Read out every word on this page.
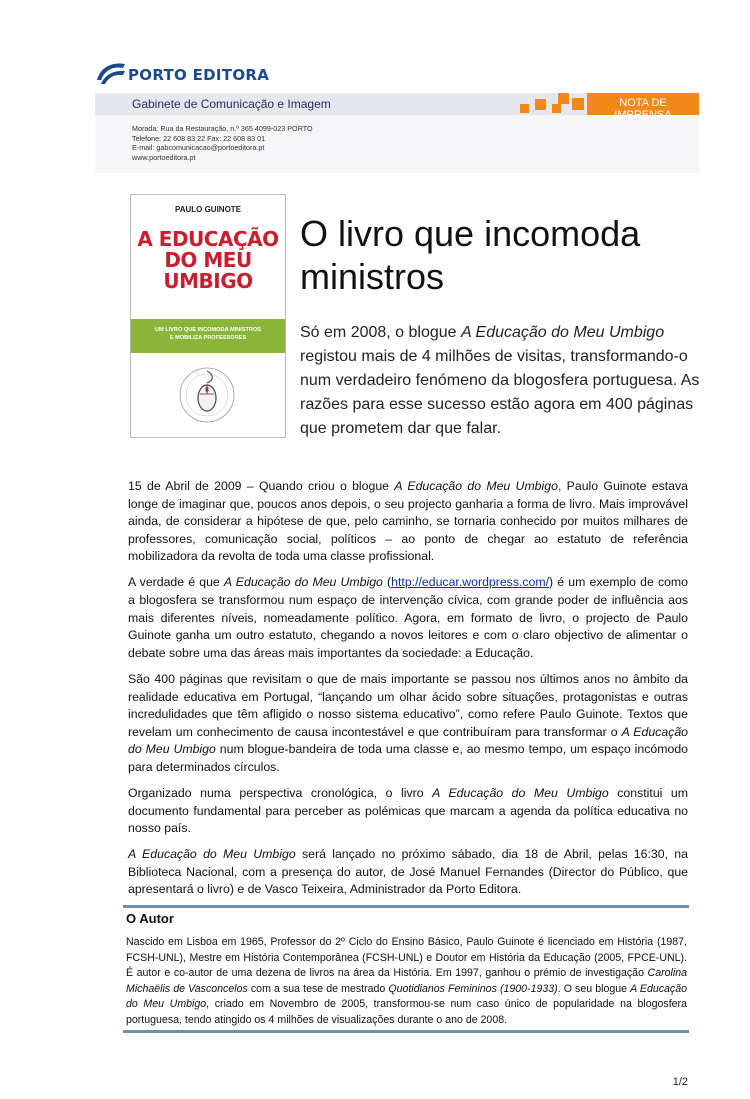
PORTO EDITORA
Gabinete de Comunicação e Imagem	NOTA DE IMPRENSA
Morada: Rua da Restauração, n.º 365 4099-023 PORTO
Telefone: 22 608 83 22 Fax: 22 608 83 01
E-mail: gabcomunicacao@portoeditora.pt
www.portoeditora.pt
PAULO GUINOTE
A EDUCAÇÃO
DO MEU
UMBIGO
UM LIVRO QUE INCOMODA MINISTROS
E MOBILIZA PROFESSORES
O livro que incomoda ministros
Só em 2008, o blogue A Educação do Meu Umbigo registou mais de 4 milhões de visitas, transformando-o num verdadeiro fenómeno da blogosfera portuguesa. As razões para esse sucesso estão agora em 400 páginas que prometem dar que falar.

15 de Abril de 2009 – Quando criou o blogue A Educação do Meu Umbigo, Paulo Guinote estava longe de imaginar que, poucos anos depois, o seu projecto ganharia a forma de livro. Mais improvável ainda, de considerar a hipótese de que, pelo caminho, se tornaria conhecido por muitos milhares de professores, comunicação social, políticos – ao ponto de chegar ao estatuto de referência mobilizadora da revolta de toda uma classe profissional.

A verdade é que A Educação do Meu Umbigo (http://educar.wordpress.com/) é um exemplo de como a blogosfera se transformou num espaço de intervenção cívica, com grande poder de influência aos mais diferentes níveis, nomeadamente político. Agora, em formato de livro, o projecto de Paulo Guinote ganha um outro estatuto, chegando a novos leitores e com o claro objectivo de alimentar o debate sobre uma das áreas mais importantes da sociedade: a Educação.

São 400 páginas que revisitam o que de mais importante se passou nos últimos anos no âmbito da realidade educativa em Portugal, “lançando um olhar ácido sobre situações, protagonistas e outras incredulidades que têm afligido o nosso sistema educativo”, como refere Paulo Guinote. Textos que revelam um conhecimento de causa incontestável e que contribuíram para transformar o A Educação do Meu Umbigo num blogue-bandeira de toda uma classe e, ao mesmo tempo, um espaço incómodo para determinados círculos.

Organizado numa perspectiva cronológica, o livro A Educação do Meu Umbigo constitui um documento fundamental para perceber as polémicas que marcam a agenda da política educativa no nosso país.

A Educação do Meu Umbigo será lançado no próximo sábado, dia 18 de Abril, pelas 16:30, na Biblioteca Nacional, com a presença do autor, de José Manuel Fernandes (Director do Público, que apresentará o livro) e de Vasco Teixeira, Administrador da Porto Editora.

O Autor
Nascido em Lisboa em 1965, Professor do 2º Ciclo do Ensino Básico, Paulo Guinote é licenciado em História (1987, FCSH-UNL), Mestre em História Contemporânea (FCSH-UNL) e Doutor em História da Educação (2005, FPCE-UNL). É autor e co-autor de uma dezena de livros na área da História. Em 1997, ganhou o prémio de investigação Carolina Michaëlis de Vasconcelos com a sua tese de mestrado Quotidianos Femininos (1900-1933). O seu blogue A Educação do Meu Umbigo, criado em Novembro de 2005, transformou-se num caso único de popularidade na blogosfera portuguesa, tendo atingido os 4 milhões de visualizações durante o ano de 2008.
1/2
